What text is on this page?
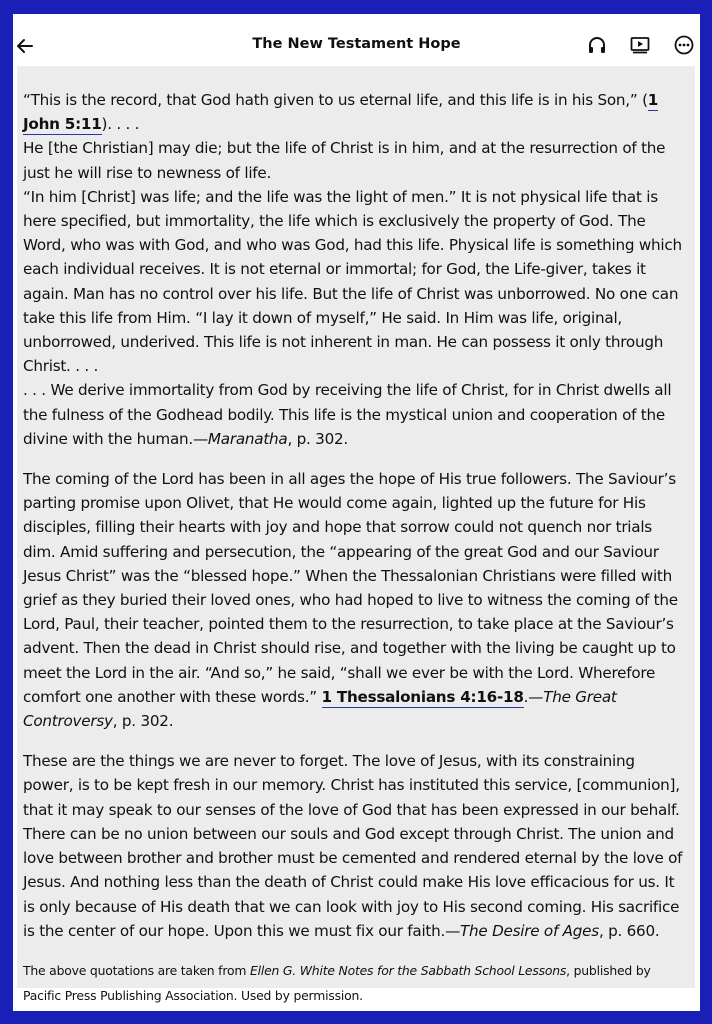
The New Testament Hope

“This is the record, that God hath given to us eternal life, and this life is in his Son,” (1 John 5:11). . . .

He [the Christian] may die; but the life of Christ is in him, and at the resurrection of the just he will rise to newness of life.

“In him [Christ] was life; and the life was the light of men.” It is not physical life that is here specified, but immortality, the life which is exclusively the property of God. The Word, who was with God, and who was God, had this life. Physical life is something which each individual receives. It is not eternal or immortal; for God, the Life-giver, takes it again. Man has no control over his life. But the life of Christ was unborrowed. No one can take this life from Him. “I lay it down of myself,” He said. In Him was life, original, unborrowed, underived. This life is not inherent in man. He can possess it only through Christ. . . .

. . . We derive immortality from God by receiving the life of Christ, for in Christ dwells all the fulness of the Godhead bodily. This life is the mystical union and cooperation of the divine with the human.—Maranatha, p. 302.

The coming of the Lord has been in all ages the hope of His true followers. The Saviour’s parting promise upon Olivet, that He would come again, lighted up the future for His disciples, filling their hearts with joy and hope that sorrow could not quench nor trials dim. Amid suffering and persecution, the “appearing of the great God and our Saviour Jesus Christ” was the “blessed hope.” When the Thessalonian Christians were filled with grief as they buried their loved ones, who had hoped to live to witness the coming of the Lord, Paul, their teacher, pointed them to the resurrection, to take place at the Saviour’s advent. Then the dead in Christ should rise, and together with the living be caught up to meet the Lord in the air. “And so,” he said, “shall we ever be with the Lord. Wherefore comfort one another with these words.” 1 Thessalonians 4:16-18.—The Great Controversy, p. 302.

These are the things we are never to forget. The love of Jesus, with its constraining power, is to be kept fresh in our memory. Christ has instituted this service, [communion], that it may speak to our senses of the love of God that has been expressed in our behalf. There can be no union between our souls and God except through Christ. The union and love between brother and brother must be cemented and rendered eternal by the love of Jesus. And nothing less than the death of Christ could make His love efficacious for us. It is only because of His death that we can look with joy to His second coming. His sacrifice is the center of our hope. Upon this we must fix our faith.—The Desire of Ages, p. 660.

The above quotations are taken from Ellen G. White Notes for the Sabbath School Lessons, published by Pacific Press Publishing Association. Used by permission.
